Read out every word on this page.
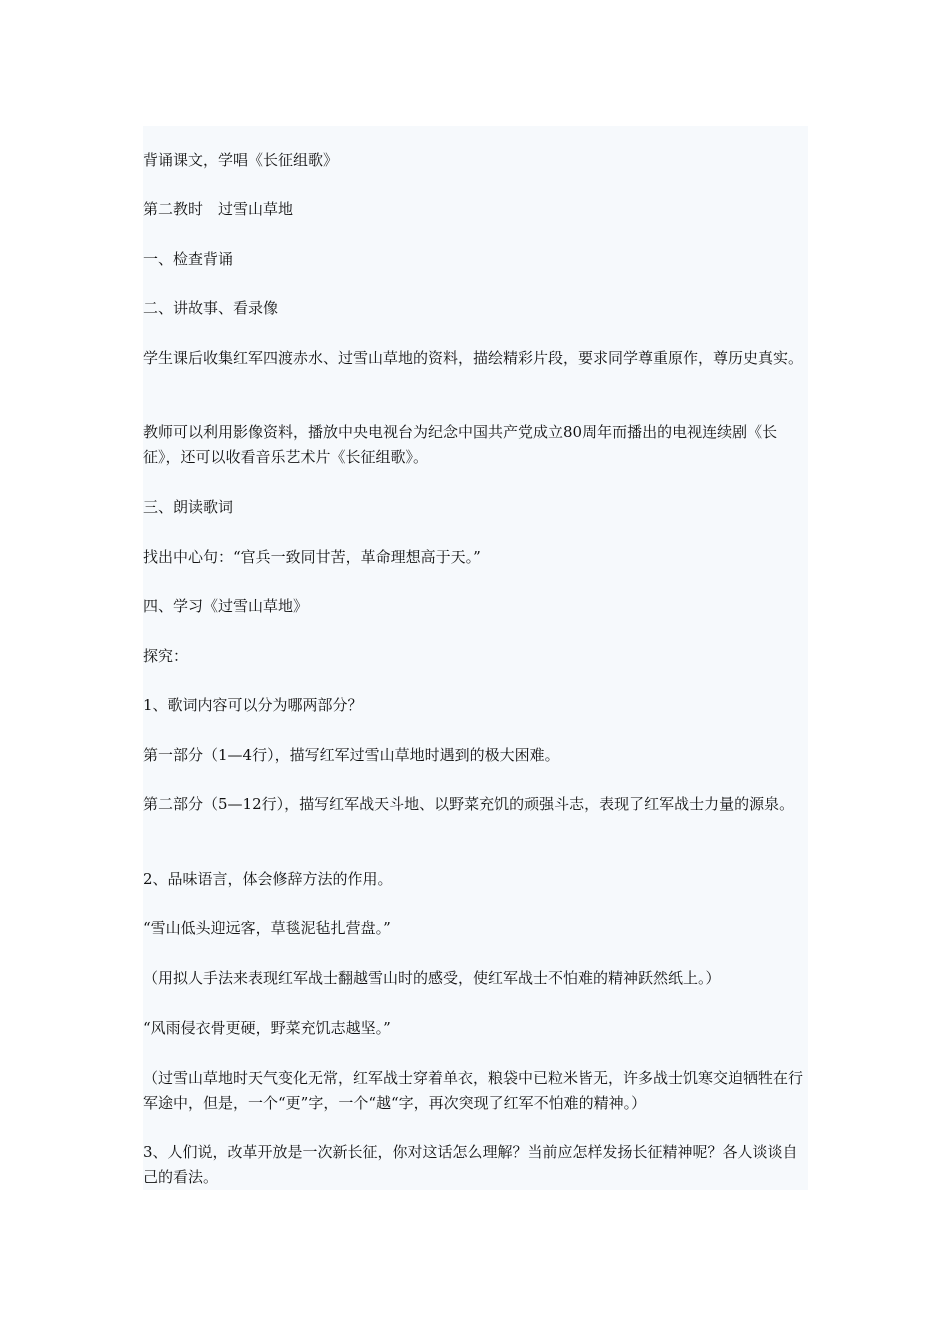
背诵课文，学唱《长征组歌》

第二教时　过雪山草地

一、检查背诵

二、讲故事、看录像

学生课后收集红军四渡赤水、过雪山草地的资料，描绘精彩片段，要求同学尊重原作，尊历史真实。

教师可以利用影像资料，播放中央电视台为纪念中国共产党成立80周年而播出的电视连续剧《长征》，还可以收看音乐艺术片《长征组歌》。

三、朗读歌词

找出中心句：“官兵一致同甘苦，革命理想高于天。”

四、学习《过雪山草地》

探究：

1、歌词内容可以分为哪两部分？

第一部分（1—4行），描写红军过雪山草地时遇到的极大困难。

第二部分（5—12行），描写红军战天斗地、以野菜充饥的顽强斗志，表现了红军战士力量的源泉。

2、品味语言，体会修辞方法的作用。

“雪山低头迎远客，草毯泥毡扎营盘。”

（用拟人手法来表现红军战士翻越雪山时的感受，使红军战士不怕难的精神跃然纸上。）

“风雨侵衣骨更硬，野菜充饥志越坚。”

（过雪山草地时天气变化无常，红军战士穿着单衣，粮袋中已粒米皆无，许多战士饥寒交迫牺牲在行军途中，但是，一个“更”字，一个“越“字，再次突现了红军不怕难的精神。）

3、人们说，改革开放是一次新长征，你对这话怎么理解？当前应怎样发扬长征精神呢？各人谈谈自己的看法。
